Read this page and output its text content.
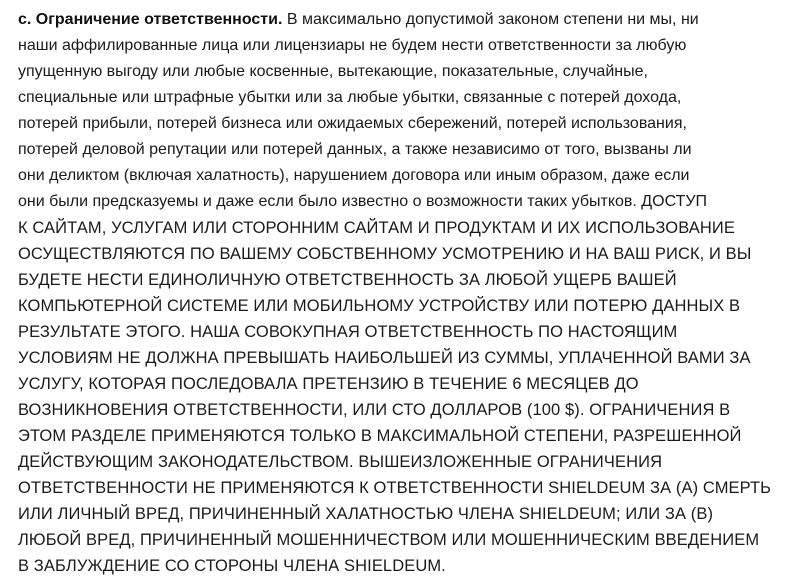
c. Ограничение ответственности. В максимально допустимой законом степени ни мы, ни
наши аффилированные лица или лицензиары не будем нести ответственности за любую
упущенную выгоду или любые косвенные, вытекающие, показательные, случайные,
специальные или штрафные убытки или за любые убытки, связанные с потерей дохода,
потерей прибыли, потерей бизнеса или ожидаемых сбережений, потерей использования,
потерей деловой репутации или потерей данных, а также независимо от того, вызваны ли
они деликтом (включая халатность), нарушением договора или иным образом, даже если
они были предсказуемы и даже если было известно о возможности таких убытков. ДОСТУП
К САЙТАМ, УСЛУГАМ ИЛИ СТОРОННИМ САЙТАМ И ПРОДУКТАМ И ИХ ИСПОЛЬЗОВАНИЕ
ОСУЩЕСТВЛЯЮТСЯ ПО ВАШЕМУ СОБСТВЕННОМУ УСМОТРЕНИЮ И НА ВАШ РИСК, И ВЫ
БУДЕТЕ НЕСТИ ЕДИНОЛИЧНУЮ ОТВЕТСТВЕННОСТЬ ЗА ЛЮБОЙ УЩЕРБ ВАШЕЙ
КОМПЬЮТЕРНОЙ СИСТЕМЕ ИЛИ МОБИЛЬНОМУ УСТРОЙСТВУ ИЛИ ПОТЕРЮ ДАННЫХ В
РЕЗУЛЬТАТЕ ЭТОГО. НАША СОВОКУПНАЯ ОТВЕТСТВЕННОСТЬ ПО НАСТОЯЩИМ
УСЛОВИЯМ НЕ ДОЛЖНА ПРЕВЫШАТЬ НАИБОЛЬШЕЙ ИЗ СУММЫ, УПЛАЧЕННОЙ ВАМИ ЗА
УСЛУГУ, КОТОРАЯ ПОСЛЕДОВАЛА ПРЕТЕНЗИЮ В ТЕЧЕНИЕ 6 МЕСЯЦЕВ ДО
ВОЗНИКНОВЕНИЯ ОТВЕТСТВЕННОСТИ, ИЛИ СТО ДОЛЛАРОВ (100 $). ОГРАНИЧЕНИЯ В
ЭТОМ РАЗДЕЛЕ ПРИМЕНЯЮТСЯ ТОЛЬКО В МАКСИМАЛЬНОЙ СТЕПЕНИ, РАЗРЕШЕННОЙ
ДЕЙСТВУЮЩИМ ЗАКОНОДАТЕЛЬСТВОМ. ВЫШЕИЗЛОЖЕННЫЕ ОГРАНИЧЕНИЯ
ОТВЕТСТВЕННОСТИ НЕ ПРИМЕНЯЮТСЯ К ОТВЕТСТВЕННОСТИ SHIELDEUM ЗА (A) СМЕРТЬ
ИЛИ ЛИЧНЫЙ ВРЕД, ПРИЧИНЕННЫЙ ХАЛАТНОСТЬЮ ЧЛЕНА SHIELDEUM; ИЛИ ЗА (B)
ЛЮБОЙ ВРЕД, ПРИЧИНЕННЫЙ МОШЕННИЧЕСТВОМ ИЛИ МОШЕННИЧЕСКИМ ВВЕДЕНИЕМ
В ЗАБЛУЖДЕНИЕ СО СТОРОНЫ ЧЛЕНА SHIELDEUM.
